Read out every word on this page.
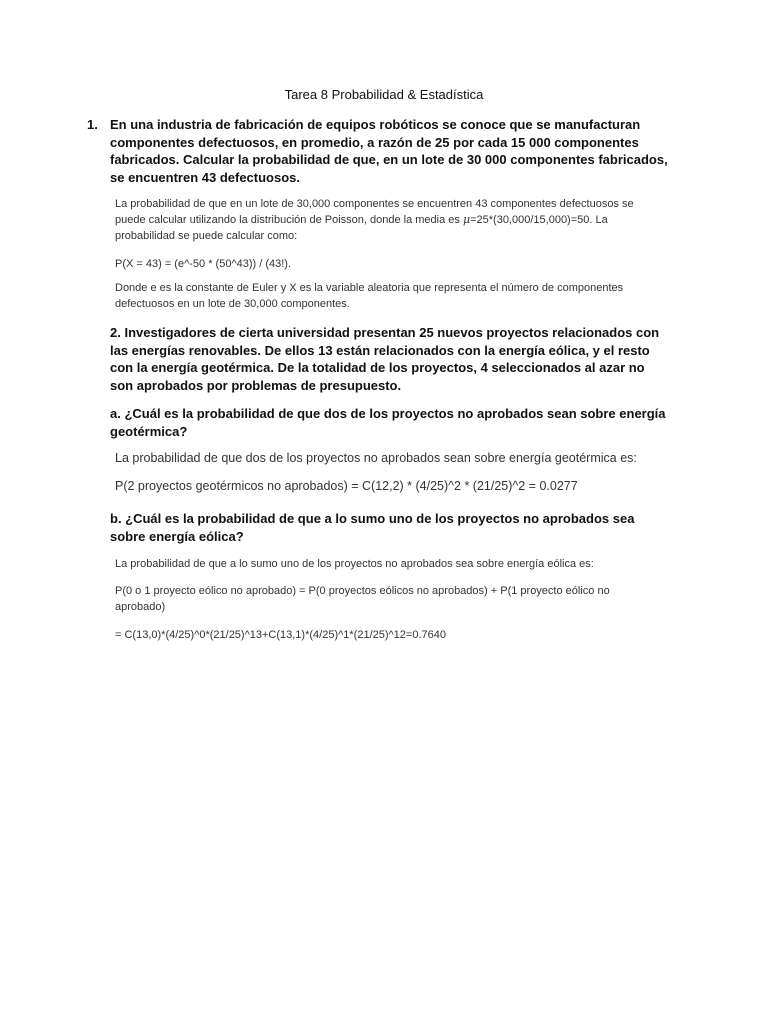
Tarea 8 Probabilidad & Estadística
1. En una industria de fabricación de equipos robóticos se conoce que se manufacturan componentes defectuosos, en promedio, a razón de 25 por cada 15 000 componentes fabricados. Calcular la probabilidad de que, en un lote de 30 000 componentes fabricados, se encuentren 43 defectuosos.

La probabilidad de que en un lote de 30,000 componentes se encuentren 43 componentes defectuosos se puede calcular utilizando la distribución de Poisson, donde la media es μ=25*(30,000/15,000)=50. La probabilidad se puede calcular como:

P(X = 43) = (e^-50 * (50^43)) / (43!).
Donde e es la constante de Euler y X es la variable aleatoria que representa el número de componentes defectuosos en un lote de 30,000 componentes.
2. Investigadores de cierta universidad presentan 25 nuevos proyectos relacionados con las energías renovables. De ellos 13 están relacionados con la energía eólica, y el resto con la energía geotérmica. De la totalidad de los proyectos, 4 seleccionados al azar no son aprobados por problemas de presupuesto.
a. ¿Cuál es la probabilidad de que dos de los proyectos no aprobados sean sobre energía geotérmica?
La probabilidad de que dos de los proyectos no aprobados sean sobre energía geotérmica es:
P(2 proyectos geotérmicos no aprobados) = C(12,2) * (4/25)^2 * (21/25)^2 = 0.0277
b. ¿Cuál es la probabilidad de que a lo sumo uno de los proyectos no aprobados sea sobre energía eólica?
La probabilidad de que a lo sumo uno de los proyectos no aprobados sea sobre energía eólica es:
P(0 o 1 proyecto eólico no aprobado) = P(0 proyectos eólicos no aprobados) + P(1 proyecto eólico no aprobado)
= C(13,0)*(4/25)^0*(21/25)^13+C(13,1)*(4/25)^1*(21/25)^12=0.7640
